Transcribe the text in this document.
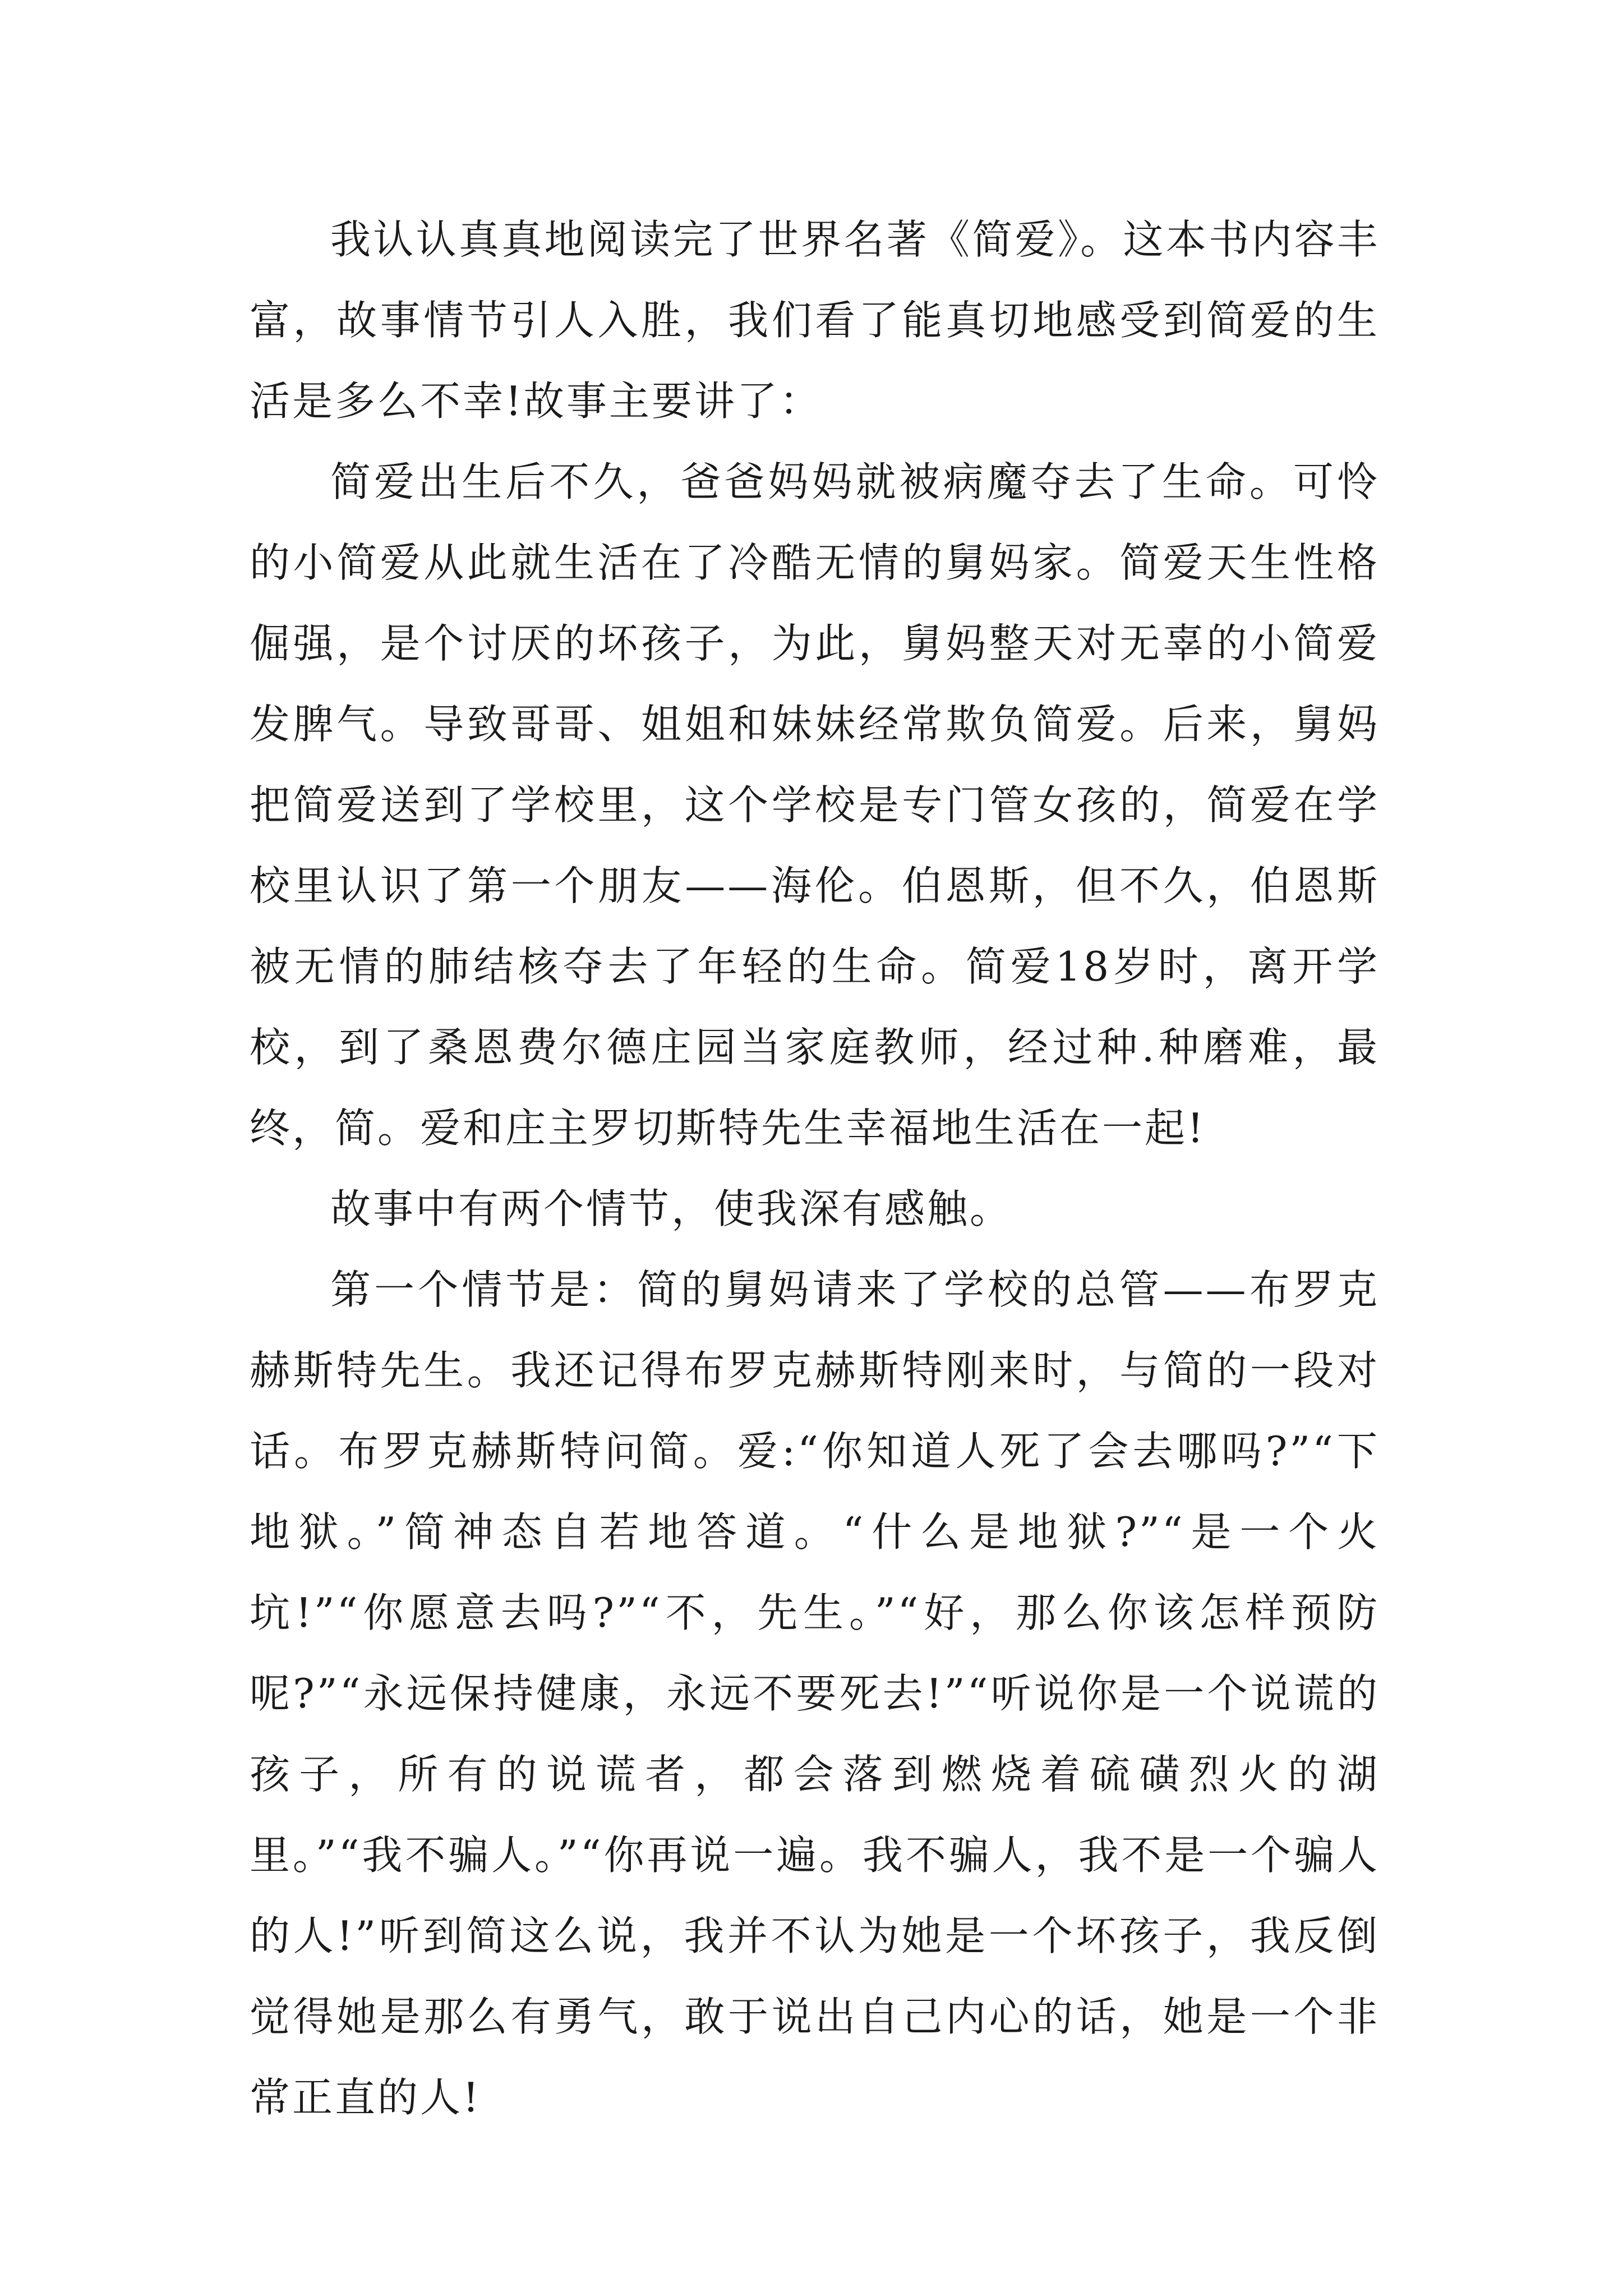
我认认真真地阅读完了世界名著《简爱》。这本书内容丰富，故事情节引人入胜，我们看了能真切地感受到简爱的生活是多么不幸!故事主要讲了：

简爱出生后不久，爸爸妈妈就被病魔夺去了生命。可怜的小简爱从此就生活在了冷酷无情的舅妈家。简爱天生性格倔强，是个讨厌的坏孩子，为此，舅妈整天对无辜的小简爱发脾气。导致哥哥、姐姐和妹妹经常欺负简爱。后来，舅妈把简爱送到了学校里，这个学校是专门管女孩的，简爱在学校里认识了第一个朋友——海伦。伯恩斯，但不久，伯恩斯被无情的肺结核夺去了年轻的生命。简爱18岁时，离开学校，到了桑恩费尔德庄园当家庭教师，经过种.种磨难，最终，简。爱和庄主罗切斯特先生幸福地生活在一起!

故事中有两个情节，使我深有感触。

第一个情节是：简的舅妈请来了学校的总管——布罗克赫斯特先生。我还记得布罗克赫斯特刚来时，与简的一段对话。布罗克赫斯特问简。爱:“你知道人死了会去哪吗?”“下地狱。”简神态自若地答道。“什么是地狱?”“是一个火坑!”“你愿意去吗?”“不，先生。”“好，那么你该怎样预防呢?”“永远保持健康，永远不要死去!”“听说你是一个说谎的孩子，所有的说谎者，都会落到燃烧着硫磺烈火的湖里。”“我不骗人。”“你再说一遍。我不骗人，我不是一个骗人的人!”听到简这么说，我并不认为她是一个坏孩子，我反倒觉得她是那么有勇气，敢于说出自己内心的话，她是一个非常正直的人!
